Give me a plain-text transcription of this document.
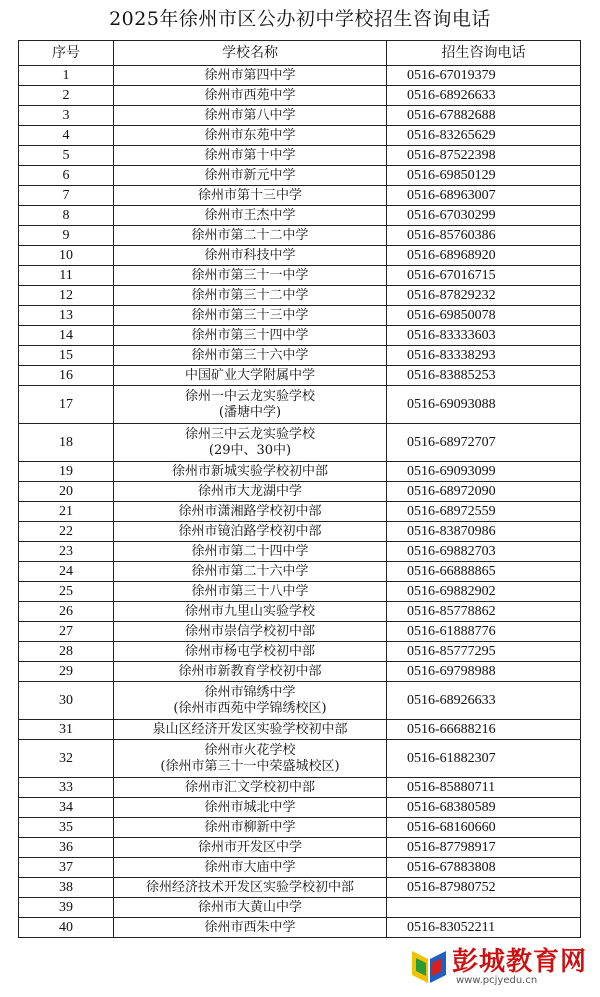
2025年徐州市区公办初中学校招生咨询电话
序号	学校名称	招生咨询电话
1	徐州市第四中学	0516-67019379
2	徐州市西苑中学	0516-68926633
3	徐州市第八中学	0516-67882688
4	徐州市东苑中学	0516-83265629
5	徐州市第十中学	0516-87522398
6	徐州市新元中学	0516-69850129
7	徐州市第十三中学	0516-68963007
8	徐州市王杰中学	0516-67030299
9	徐州市第二十二中学	0516-85760386
10	徐州市科技中学	0516-68968920
11	徐州市第三十一中学	0516-67016715
12	徐州市第三十二中学	0516-87829232
13	徐州市第三十三中学	0516-69850078
14	徐州市第三十四中学	0516-83333603
15	徐州市第三十六中学	0516-83338293
16	中国矿业大学附属中学	0516-83885253
17	徐州一中云龙实验学校
(潘塘中学)	0516-69093088
18	徐州三中云龙实验学校
(29中、30中)	0516-68972707
19	徐州市新城实验学校初中部	0516-69093099
20	徐州市大龙湖中学	0516-68972090
21	徐州市潇湘路学校初中部	0516-68972559
22	徐州市镜泊路学校初中部	0516-83870986
23	徐州市第二十四中学	0516-69882703
24	徐州市第二十六中学	0516-66888865
25	徐州市第三十八中学	0516-69882902
26	徐州市九里山实验学校	0516-85778862
27	徐州市崇信学校初中部	0516-61888776
28	徐州市杨屯学校初中部	0516-85777295
29	徐州市新教育学校初中部	0516-69798988
30	徐州市锦绣中学
(徐州市西苑中学锦绣校区)	0516-68926633
31	泉山区经济开发区实验学校初中部	0516-66688216
32	徐州市火花学校
(徐州市第三十一中荣盛城校区)	0516-61882307
33	徐州市汇文学校初中部	0516-85880711
34	徐州市城北中学	0516-68380589
35	徐州市柳新中学	0516-68160660
36	徐州市开发区中学	0516-87798917
37	徐州市大庙中学	0516-67883808
38	徐州经济技术开发区实验学校初中部	0516-87980752
39	徐州市大黄山中学	

40	徐州市西朱中学	0516-83052211
彭城教育网
www.pcjyedu.cn
